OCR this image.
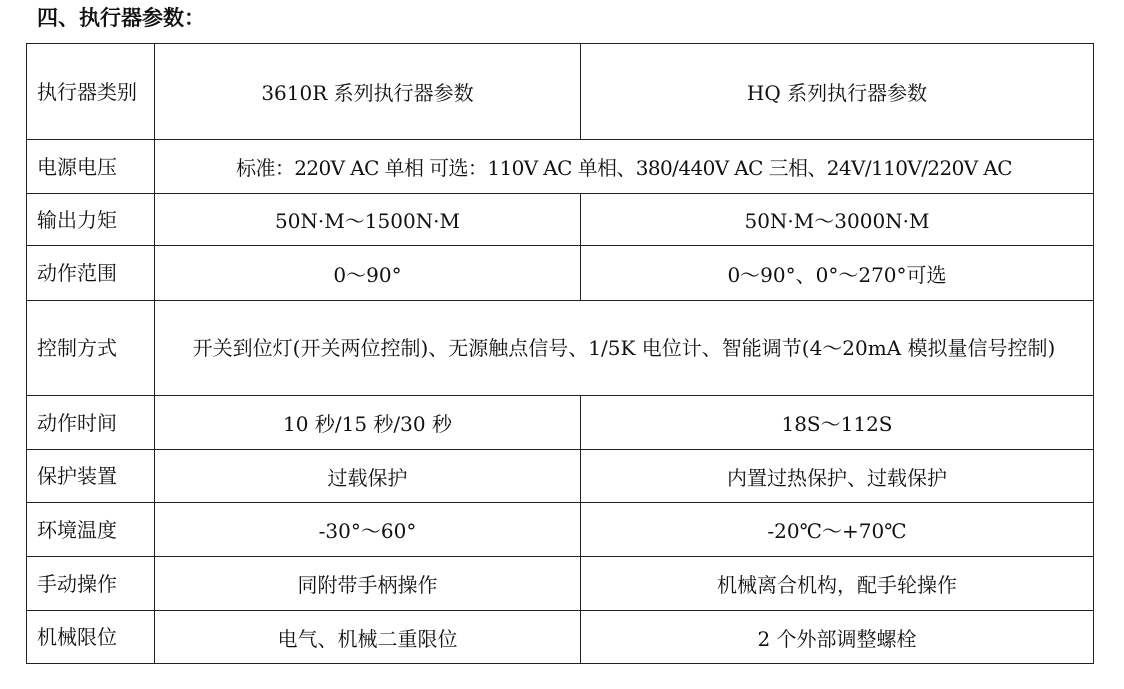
四、执行器参数：
执行器类别	3610R 系列执行器参数	HQ 系列执行器参数
电源电压	标准：220V AC 单相 可选：110V AC 单相、380/440V AC 三相、24V/110V/220V AC	
输出力矩	50N·M～1500N·M	50N·M～3000N·M
动作范围	0～90°	0～90°、0°～270°可选
控制方式	开关到位灯(开关两位控制)、无源触点信号、1/5K 电位计、智能调节(4～20mA 模拟量信号控制)	
动作时间	10 秒/15 秒/30 秒	18S～112S
保护装置	过载保护	内置过热保护、过载保护
环境温度	-30°～60°	-20℃～+70℃
手动操作	同附带手柄操作	机械离合机构，配手轮操作
机械限位	电气、机械二重限位	2 个外部调整螺栓
